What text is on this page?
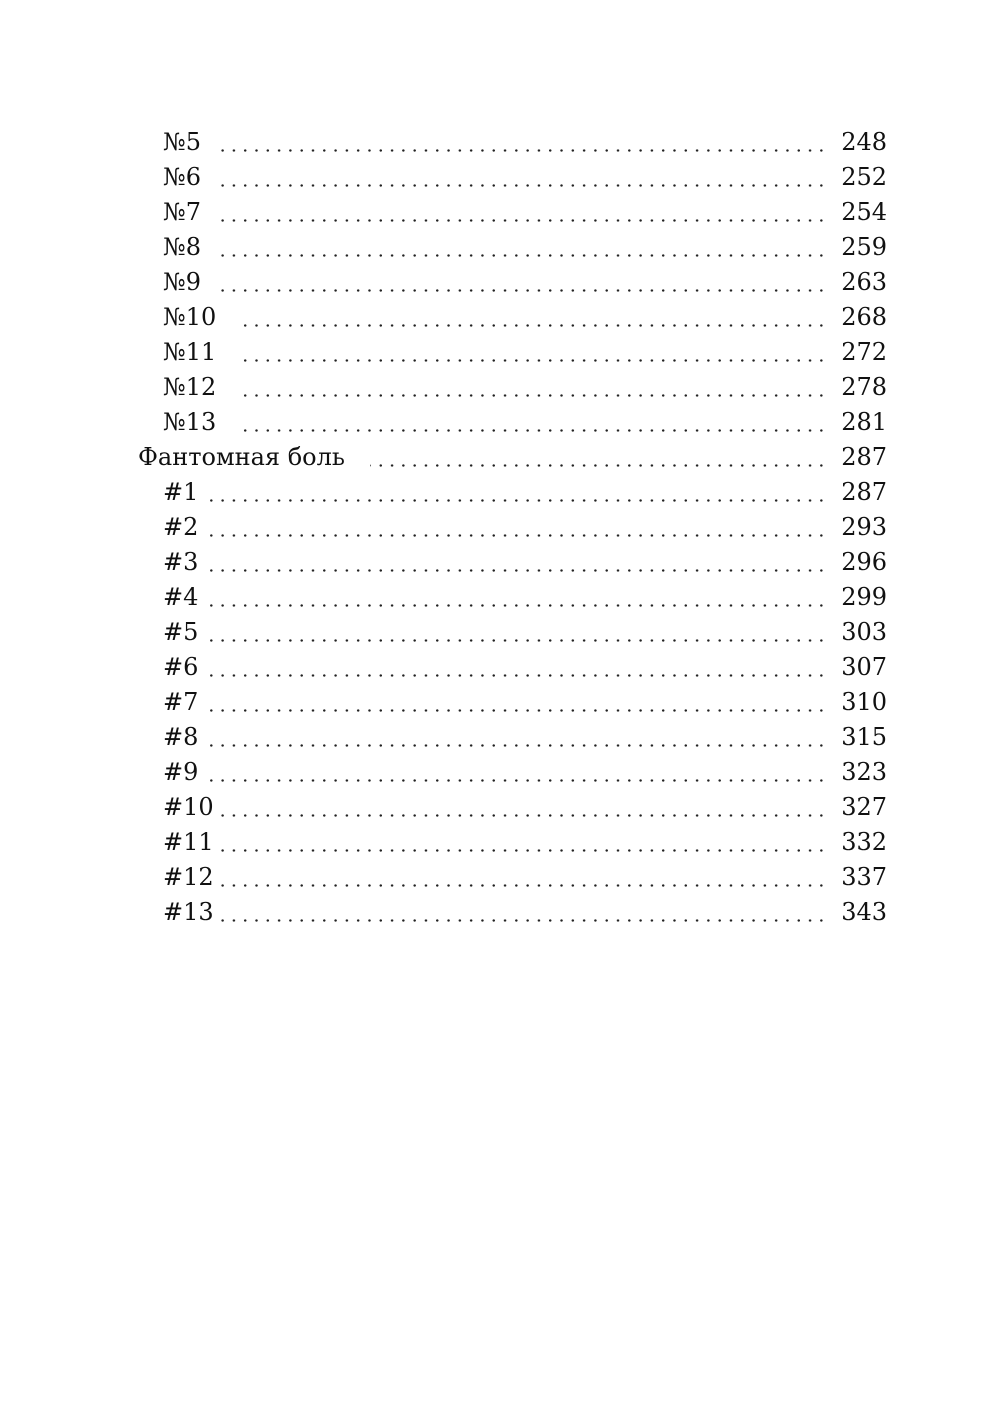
№5	248
№6	252
№7	254
№8	259
№9	263
№10	268
№11	272
№12	278
№13	281
Фантомная боль	287
#1	287
#2	293
#3	296
#4	299
#5	303
#6	307
#7	310
#8	315
#9	323
#10	327
#11	332
#12	337
#13	343
